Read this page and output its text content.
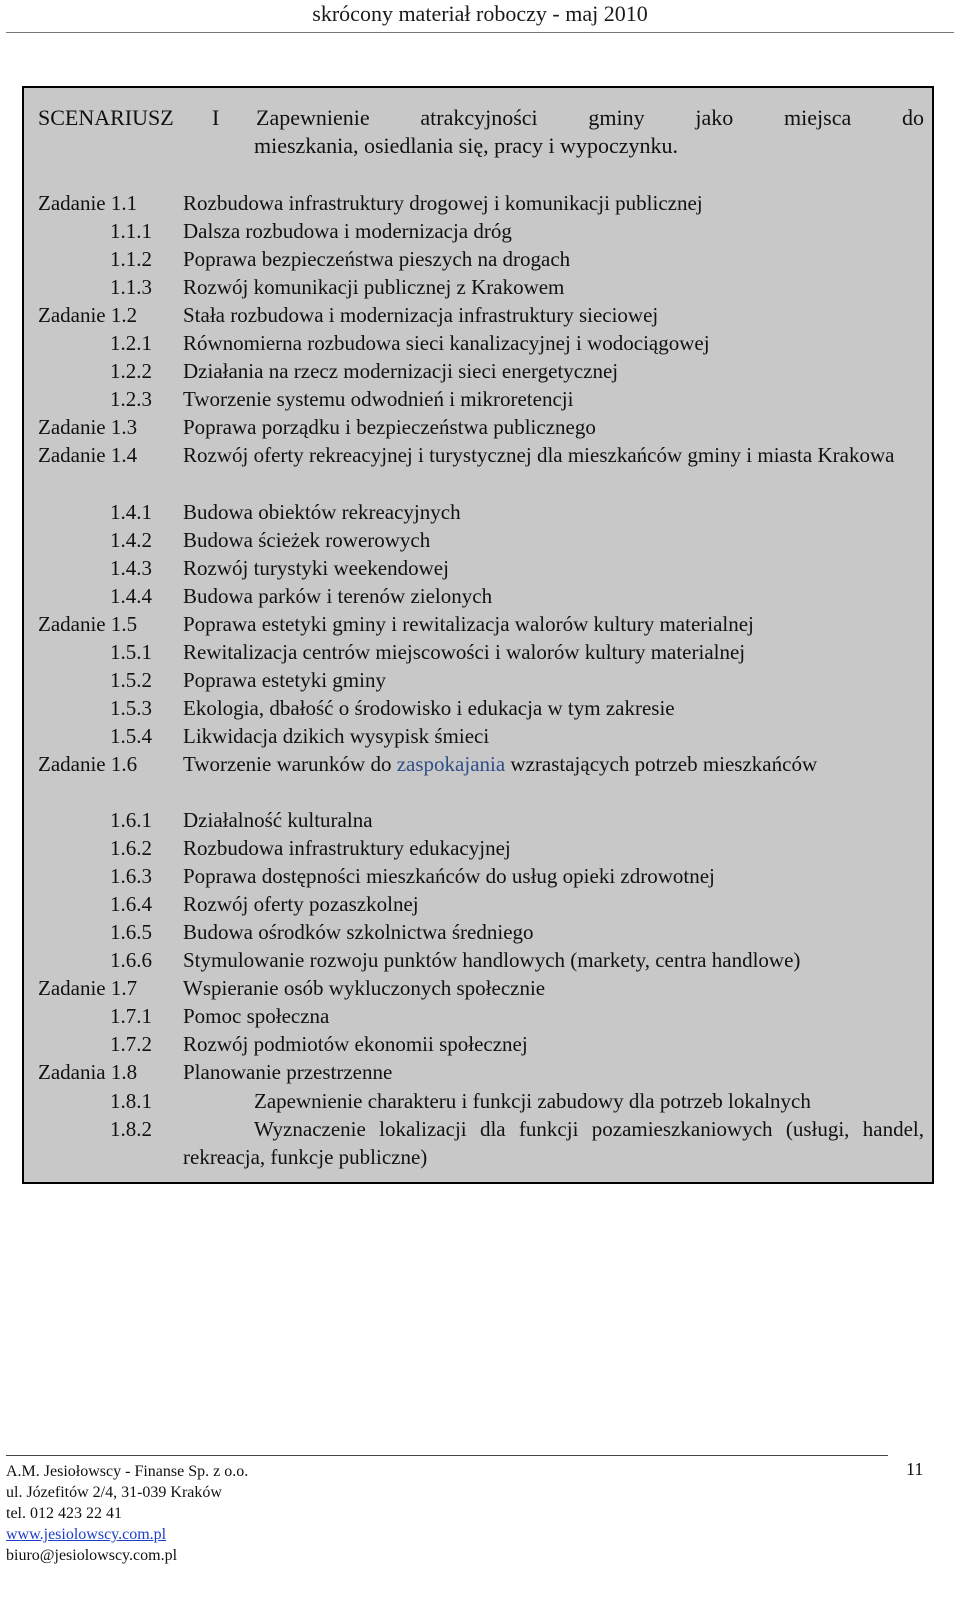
skrócony materiał roboczy - maj 2010
SCENARIUSZ I Zapewnienie atrakcyjności gminy jako miejsca do
mieszkania, osiedlania się, pracy i wypoczynku.
Zadanie 1.1 Rozbudowa infrastruktury drogowej i komunikacji publicznej
1.1.1 Dalsza rozbudowa i modernizacja dróg
1.1.2 Poprawa bezpieczeństwa pieszych na drogach
1.1.3 Rozwój komunikacji publicznej z Krakowem
Zadanie 1.2 Stała rozbudowa i modernizacja infrastruktury sieciowej
1.2.1 Równomierna rozbudowa sieci kanalizacyjnej i wodociągowej
1.2.2 Działania na rzecz modernizacji sieci energetycznej
1.2.3 Tworzenie systemu odwodnień i mikroretencji
Zadanie 1.3 Poprawa porządku i bezpieczeństwa publicznego
Zadanie 1.4 Rozwój oferty rekreacyjnej i turystycznej dla mieszkańców gminy i miasta Krakowa
1.4.1 Budowa obiektów rekreacyjnych
1.4.2 Budowa ścieżek rowerowych
1.4.3 Rozwój turystyki weekendowej
1.4.4 Budowa parków i terenów zielonych
Zadanie 1.5 Poprawa estetyki gminy i rewitalizacja walorów kultury materialnej
1.5.1 Rewitalizacja centrów miejscowości i walorów kultury materialnej
1.5.2 Poprawa estetyki gminy
1.5.3 Ekologia, dbałość o środowisko i edukacja w tym zakresie
1.5.4 Likwidacja dzikich wysypisk śmieci
Zadanie 1.6 Tworzenie warunków do zaspokajania wzrastających potrzeb mieszkańców
1.6.1 Działalność kulturalna
1.6.2 Rozbudowa infrastruktury edukacyjnej
1.6.3 Poprawa dostępności mieszkańców do usług opieki zdrowotnej
1.6.4 Rozwój oferty pozaszkolnej
1.6.5 Budowa ośrodków szkolnictwa średniego
1.6.6 Stymulowanie rozwoju punktów handlowych (markety, centra handlowe)
Zadanie 1.7 Wspieranie osób wykluczonych społecznie
1.7.1 Pomoc społeczna
1.7.2 Rozwój podmiotów ekonomii społecznej
Zadania 1.8 Planowanie przestrzenne
1.8.1	Zapewnienie charakteru i funkcji zabudowy dla potrzeb lokalnych
1.8.2	Wyznaczenie lokalizacji dla funkcji pozamieszkaniowych (usługi, handel, rekreacja, funkcje publiczne)
A.M. Jesiołowscy - Finanse Sp. z o.o.
ul. Józefitów 2/4, 31-039 Kraków
tel. 012 423 22 41
www.jesiolowscy.com.pl
biuro@jesiolowscy.com.pl
11
